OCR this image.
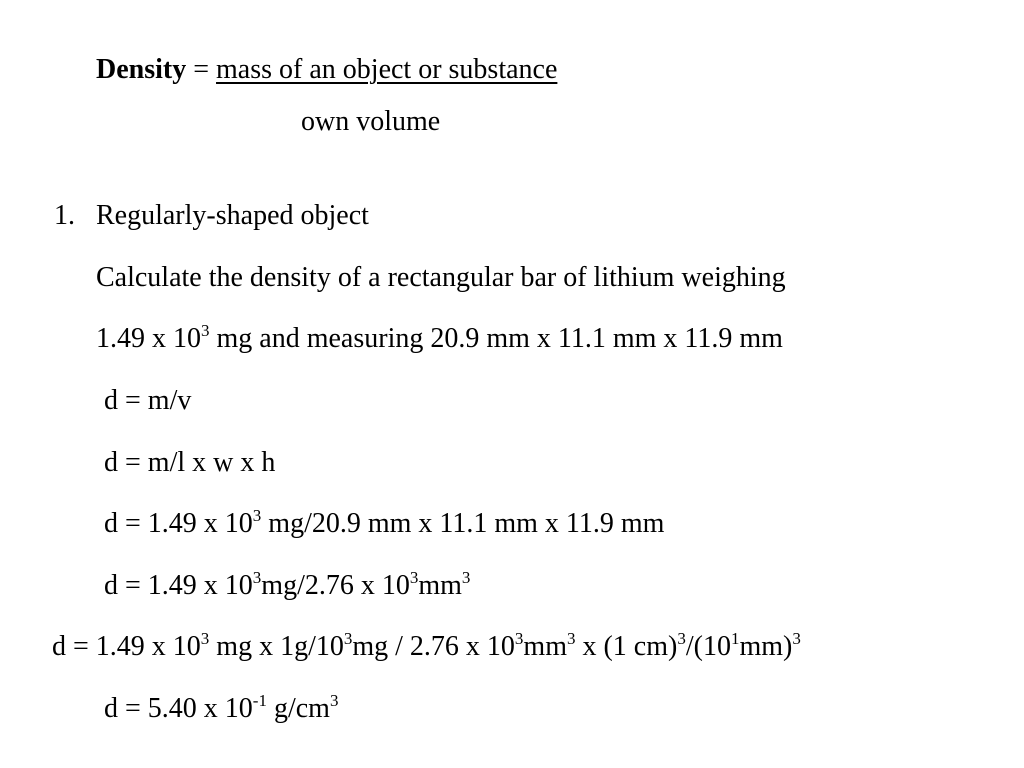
Density = mass of an object or substance
own volume
1. Regularly-shaped object
Calculate the density of a rectangular bar of lithium weighing
1.49 x $10^3$ mg and measuring 20.9 mm x 11.1 mm x 11.9 mm
d = m/v
d = m/l x w x h
d = 1.49 x $10^3$ mg/20.9 mm x 11.1 mm x 11.9 mm
d = 1.49 x $10^3mg/2.76$ x $10^3mm^3$
d = 1.49 x $10^3$ mg x $1g/10^3mg / 2.76$ x $10^3mm^3$ x (1 $cm)^3/(10^1mm)^3$
d = 5.40 x $10^{-1}$ $g/cm^3$
